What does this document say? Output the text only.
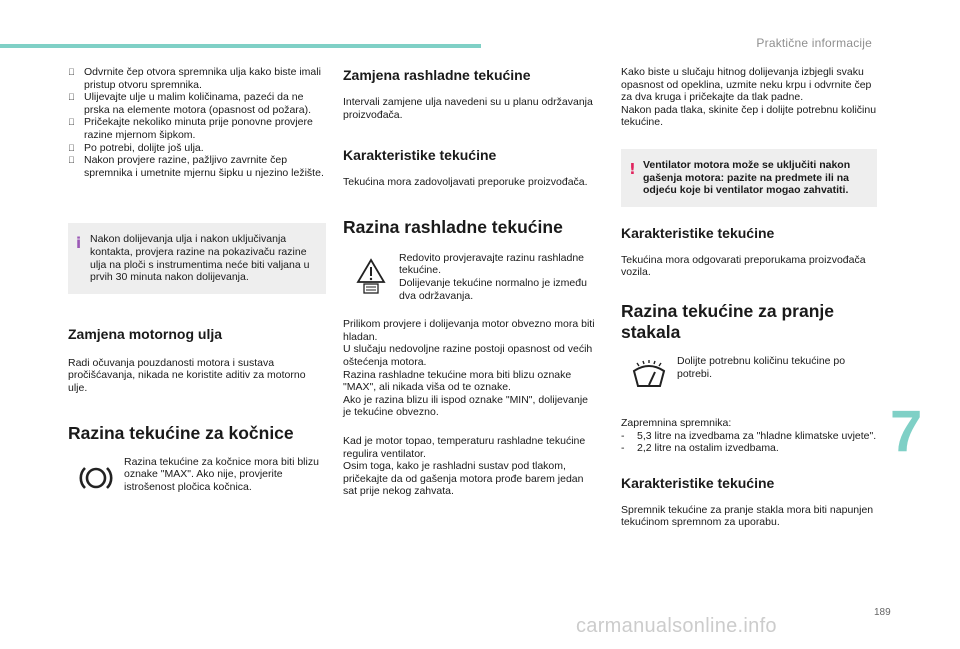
Praktične informacije
Odvrnite čep otvora spremnika ulja kako biste imali pristup otvoru spremnika.
Ulijevajte ulje u malim količinama, pazeći da ne prska na elemente motora (opasnost od požara).
Pričekajte nekoliko minuta prije ponovne provjere razine mjernom šipkom.
Po potrebi, dolijte još ulja.
Nakon provjere razine, pažljivo zavrnite čep spremnika i umetnite mjernu šipku u njezino ležište.
i Nakon dolijevanja ulja i nakon uključivanja kontakta, provjera razine na pokazivaču razine ulja na ploči s instrumentima neće biti valjana u prvih 30 minuta nakon dolijevanja.

Zamjena motornog ulja

Radi očuvanja pouzdanosti motora i sustava pročišćavanja, nikada ne koristite aditiv za motorno ulje.

Razina tekućine za kočnice

Razina tekućine za kočnice mora biti blizu oznake "MAX". Ako nije, provjerite istrošenost pločica kočnica.

Zamjena rashladne tekućine

Intervali zamjene ulja navedeni su u planu održavanja proizvođača.

Karakteristike tekućine

Tekućina mora zadovoljavati preporuke proizvođača.

Razina rashladne tekućine

Redovito provjeravajte razinu rashladne tekućine.
Dolijevanje tekućine normalno je između dva održavanja.

Prilikom provjere i dolijevanja motor obvezno mora biti hladan.
U slučaju nedovoljne razine postoji opasnost od većih oštećenja motora.
Razina rashladne tekućine mora biti blizu oznake "MAX", ali nikada viša od te oznake.
Ako je razina blizu ili ispod oznake "MIN", dolijevanje je tekućine obvezno.

Kad je motor topao, temperaturu rashladne tekućine regulira ventilator.
Osim toga, kako je rashladni sustav pod tlakom, pričekajte da od gašenja motora prođe barem jedan sat prije nekog zahvata.

Kako biste u slučaju hitnog dolijevanja izbjegli svaku opasnost od opeklina, uzmite neku krpu i odvrnite čep za dva kruga i pričekajte da tlak padne.
Nakon pada tlaka, skinite čep i dolijte potrebnu količinu tekućine.

! Ventilator motora može se uključiti nakon gašenja motora: pazite na predmete ili na odjeću koje bi ventilator mogao zahvatiti.

Karakteristike tekućine

Tekućina mora odgovarati preporukama proizvođača vozila.

Razina tekućine za pranje stakala

Dolijte potrebnu količinu tekućine po potrebi.

Zapremnina spremnika:

-	5,3 litre na izvedbama za "hladne klimatske uvjete".
-	2,2 litre na ostalim izvedbama.

Karakteristike tekućine

Spremnik tekućine za pranje stakla mora biti napunjen tekućinom spremnom za uporabu.

7
189
carmanualsonline.info
